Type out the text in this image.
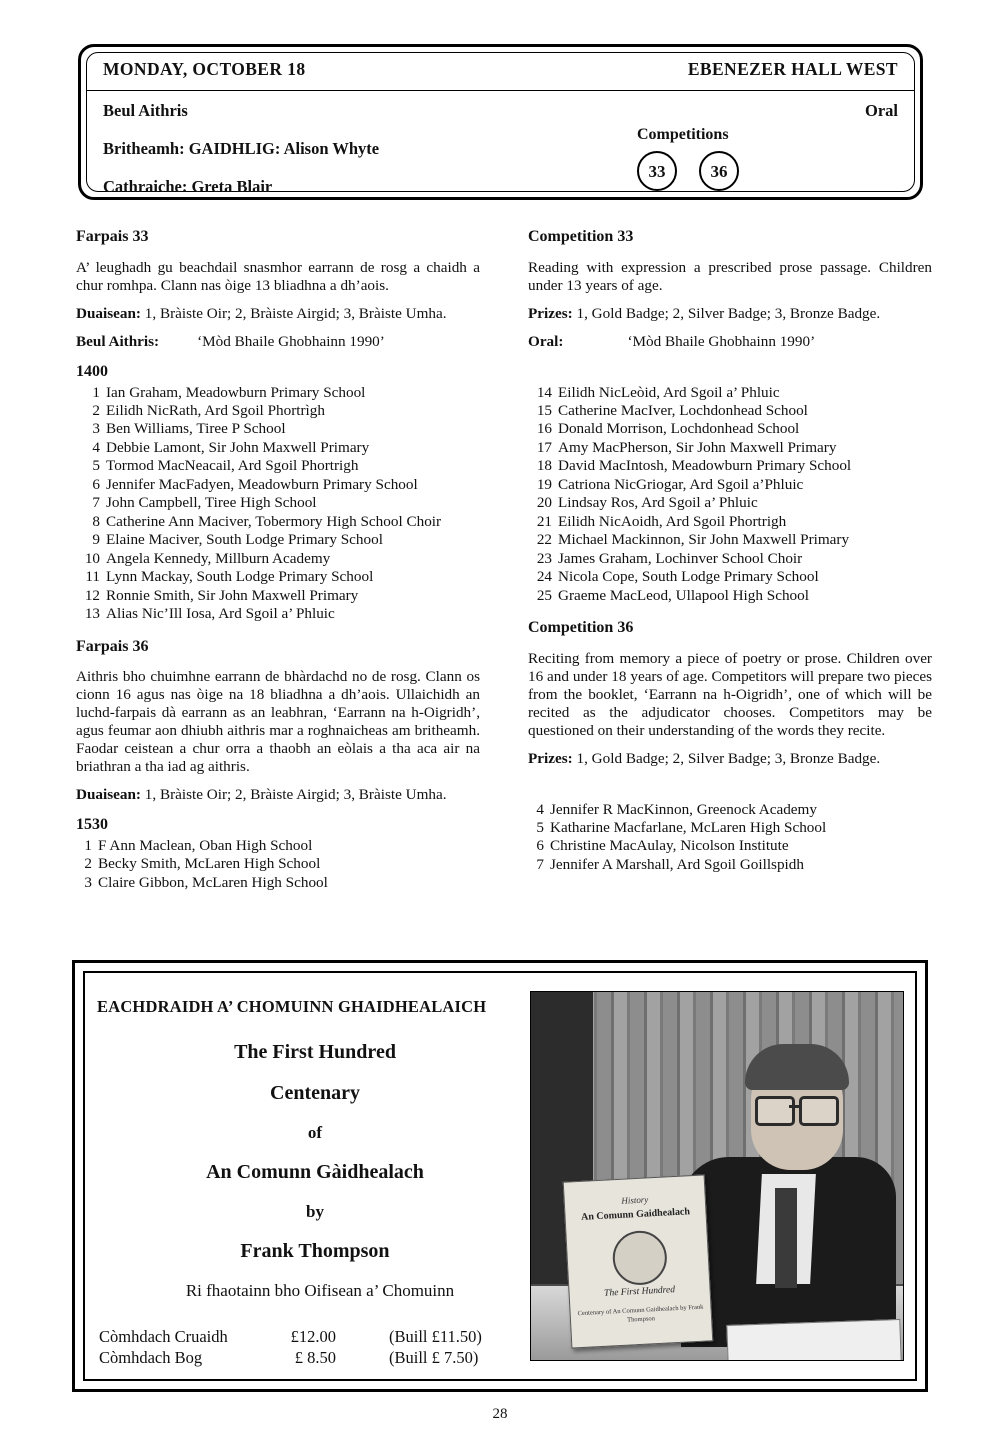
MONDAY, OCTOBER 18	EBENEZER HALL WEST
Beul Aithris	Oral
Britheamh: GAIDHLIG: Alison Whyte
Cathraiche: Greta Blair
Competitions
33	36
Farpais 33

A’ leughadh gu beachdail snasmhor earrann de rosg a chaidh a chur romhpa. Clann nas òige 13 bliadhna a dh’aois.

Duaisean: 1, Bràiste Oir; 2, Bràiste Airgid; 3, Bràiste Umha.

Beul Aithris:	‘Mòd Bhaile Ghobhainn 1990’

1400
1 Ian Graham, Meadowburn Primary School
2 Eilidh NicRath, Ard Sgoil Phortrìgh
3 Ben Williams, Tiree P School
4 Debbie Lamont, Sir John Maxwell Primary
5 Tormod MacNeacail, Ard Sgoil Phortrigh
6 Jennifer MacFadyen, Meadowburn Primary School
7 John Campbell, Tiree High School
8 Catherine Ann Maciver, Tobermory High School Choir
9 Elaine Maciver, South Lodge Primary School
10 Angela Kennedy, Millburn Academy
11 Lynn Mackay, South Lodge Primary School
12 Ronnie Smith, Sir John Maxwell Primary
13 Alias Nic’Ill Iosa, Ard Sgoil a’ Phluic
Farpais 36

Aithris bho chuimhne earrann de bhàrdachd no de rosg. Clann os cionn 16 agus nas òige na 18 bliadhna a dh’aois. Ullaichidh an luchd-farpais dà earrann as an leabhran, ‘Earrann na h-Oigridh’, agus feumar aon dhiubh aithris mar a roghnaicheas am britheamh. Faodar ceistean a chur orra a thaobh an eòlais a tha aca air na briathran a tha iad ag aithris.

Duaisean: 1, Bràiste Oir; 2, Bràiste Airgid; 3, Bràiste Umha.

1530
1 F Ann Maclean, Oban High School
2 Becky Smith, McLaren High School
3 Claire Gibbon, McLaren High School
Competition 33

Reading with expression a prescribed prose passage. Children under 13 years of age.

Prizes: 1, Gold Badge; 2, Silver Badge; 3, Bronze Badge.

Oral:	‘Mòd Bhaile Ghobhainn 1990’

14 Eilidh NicLeòid, Ard Sgoil a’ Phluic
15 Catherine MacIver, Lochdonhead School
16 Donald Morrison, Lochdonhead School
17 Amy MacPherson, Sir John Maxwell Primary
18 David MacIntosh, Meadowburn Primary School
19 Catriona NicGriogar, Ard Sgoil a’Phluic
20 Lindsay Ros, Ard Sgoil a’ Phluic
21 Eilidh NicAoidh, Ard Sgoil Phortrigh
22 Michael Mackinnon, Sir John Maxwell Primary
23 James Graham, Lochinver School Choir
24 Nicola Cope, South Lodge Primary School
25 Graeme MacLeod, Ullapool High School
Competition 36

Reciting from memory a piece of poetry or prose. Children over 16 and under 18 years of age. Competitors will prepare two pieces from the booklet, ‘Earrann na h-Oigridh’, one of which will be recited as the adjudicator chooses. Competitors may be questioned on their understanding of the words they recite.

Prizes: 1, Gold Badge; 2, Silver Badge; 3, Bronze Badge.

4 Jennifer R MacKinnon, Greenock Academy
5 Katharine Macfarlane, McLaren High School
6 Christine MacAulay, Nicolson Institute
7 Jennifer A Marshall, Ard Sgoil Goillspidh
EACHDRAIDH A’ CHOMUINN GHAIDHEALAICH
The First Hundred
Centenary
of
An Comunn Gàidhealach
by
Frank Thompson
Ri fhaotainn bho Oifisean a’ Chomuinn
Còmhdach Cruaidh	£12.00	(Buill £11.50)
Còmhdach Bog	£ 8.50	(Buill £ 7.50)
History
An Comunn Gaidhealach
The First Hundred
Centenary of An Comunn Gaidhealach by Frank Thompson
28
